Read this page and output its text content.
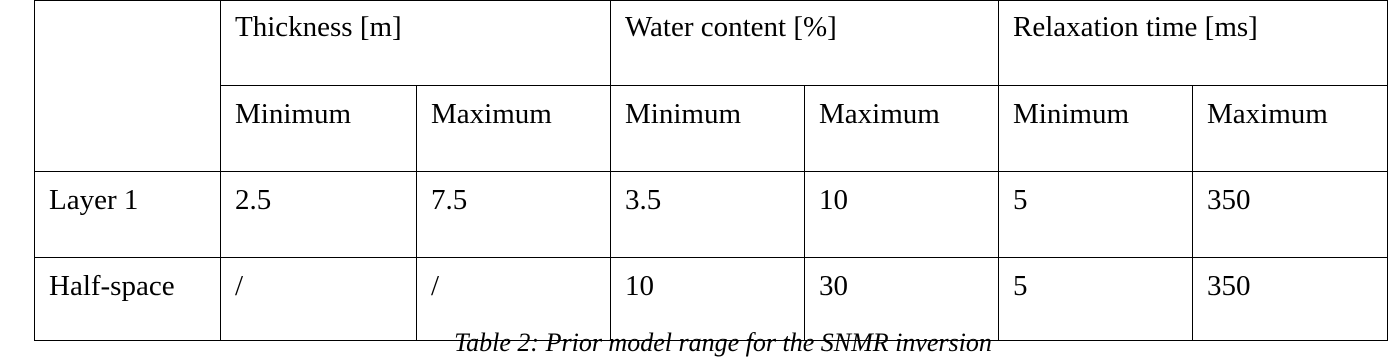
	Thickness [m]		Water content [%]		Relaxation time [ms]	
	Minimum	Maximum	Minimum	Maximum	Minimum	Maximum
Layer 1	2.5	7.5	3.5	10	5	350
Half-space	/	/	10	30	5	350
Table 2: Prior model range for the SNMR inversion
